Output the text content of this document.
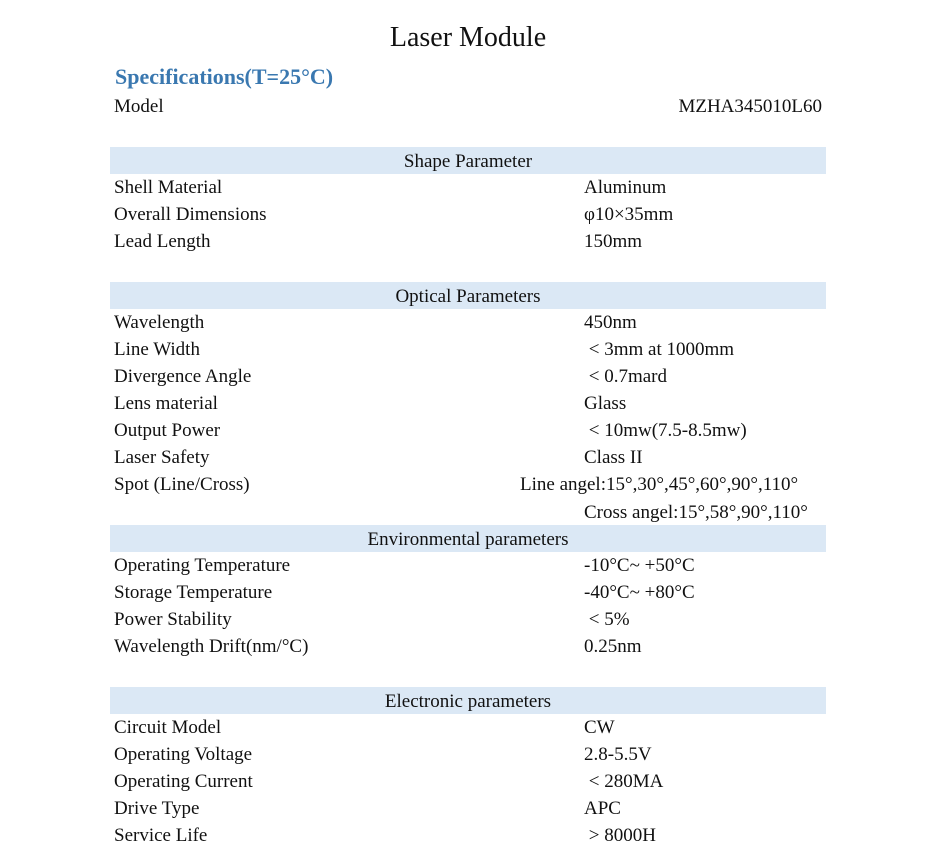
Laser Module
Specifications(T=25°C)
Model	MZHA345010L60
Shape Parameter
Shell Material	Aluminum
Overall Dimensions	φ10×35mm
Lead Length	150mm
Optical Parameters
Wavelength	450nm
Line Width	< 3mm at 1000mm
Divergence Angle	< 0.7mard
Lens material	Glass
Output Power	< 10mw(7.5-8.5mw)
Laser Safety	Class II
Spot (Line/Cross)	Line angel:15°,30°,45°,60°,90°,110°
Cross angel:15°,58°,90°,110°
Environmental parameters
Operating Temperature	-10°C~ +50°C
Storage Temperature	-40°C~ +80°C
Power Stability	< 5%
Wavelength Drift(nm/°C)	0.25nm
Electronic parameters
Circuit Model	CW
Operating Voltage	2.8-5.5V
Operating Current	< 280MA
Drive Type	APC
Service Life	> 8000H
